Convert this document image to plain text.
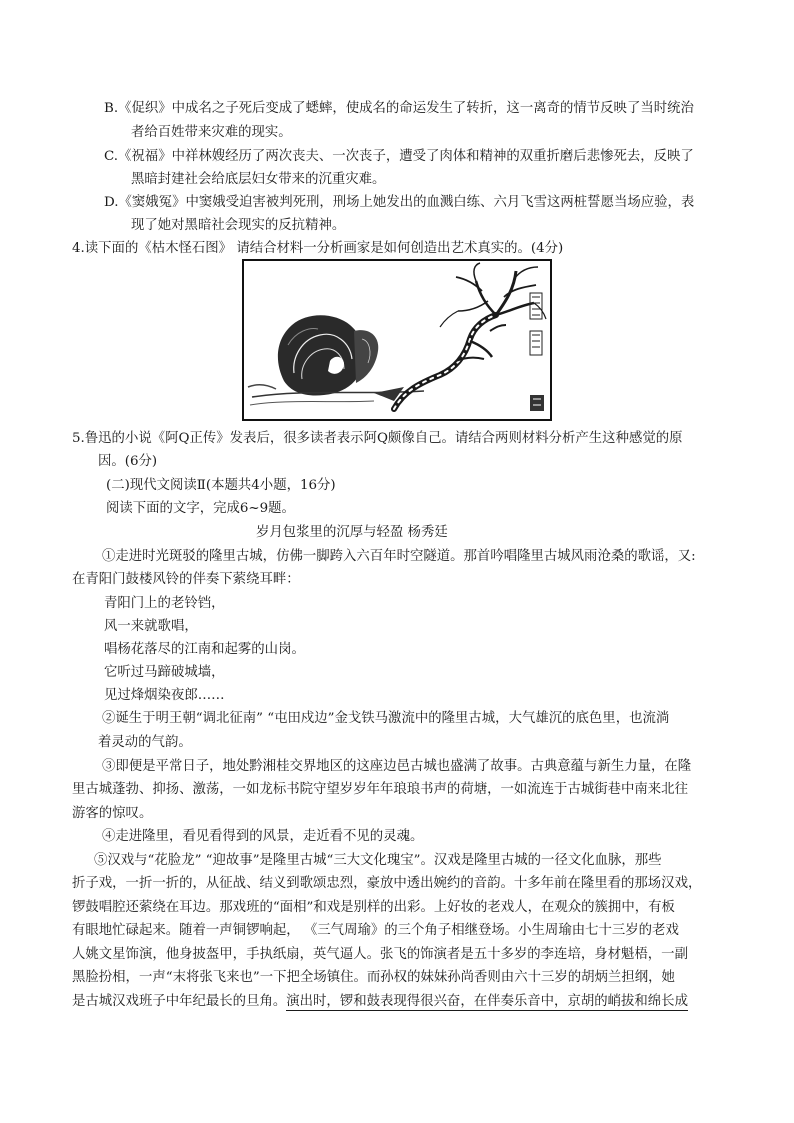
B.《促织》中成名之子死后变成了蟋蟀，使成名的命运发生了转折，这一离奇的情节反映了当时统治
者给百姓带来灾难的现实。
C.《祝福》中祥林嫂经历了两次丧夫、一次丧子，遭受了肉体和精神的双重折磨后悲惨死去，反映了
黑暗封建社会给底层妇女带来的沉重灾难。
D.《窦娥冤》中窦娥受迫害被判死刑，刑场上她发出的血溅白练、六月飞雪这两桩誓愿当场应验，表
现了她对黑暗社会现实的反抗精神。
4.读下面的《枯木怪石图》 请结合材料一分析画家是如何创造出艺术真实的。(4分)
5.鲁迅的小说《阿Q正传》发表后，很多读者表示阿Q颇像自己。请结合两则材料分析产生这种感觉的原
因。(6分)
(二)现代文阅读Ⅱ(本题共4小题，16分)
阅读下面的文字，完成6~9题。
岁月包浆里的沉厚与轻盈 杨秀廷
①走进时光斑驳的隆里古城，仿佛一脚跨入六百年时空隧道。那首吟唱隆里古城风雨沧桑的歌谣，又:
在青阳门鼓楼风铃的伴奏下萦绕耳畔：
青阳门上的老铃铛，
风一来就歌唱，
唱杨花落尽的江南和起雾的山岗。
它听过马蹄破城墙，
见过烽烟染夜郎……
②诞生于明王朝“调北征南” “屯田戍边”金戈铁马激流中的隆里古城，大气雄沉的底色里，也流淌
着灵动的气韵。
③即便是平常日子，地处黔湘桂交界地区的这座边邑古城也盛满了故事。古典意蕴与新生力量，在隆
里古城蓬勃、抑扬、激荡，一如龙标书院守望岁岁年年琅琅书声的荷塘，一如流连于古城街巷中南来北往
游客的惊叹。
④走进隆里，看见看得到的风景，走近看不见的灵魂。
⑤汉戏与“花脸龙” “迎故事”是隆里古城“三大文化瑰宝”。汉戏是隆里古城的一径文化血脉，那些
折子戏，一折一折的，从征战、结义到歌颂忠烈，豪放中透出婉约的音韵。十多年前在隆里看的那场汉戏，
锣鼓唱腔还萦绕在耳边。那戏班的“面相”和戏是别样的出彩。上好妆的老戏人，在观众的簇拥中，有板
有眼地忙碌起来。随着一声铜锣响起， 《三气周瑜》的三个角子相继登场。小生周瑜由七十三岁的老戏
人姚文星饰演，他身披盔甲，手执纸扇，英气逼人。张飞的饰演者是五十多岁的李连培，身材魁梧，一副
黑脸扮相，一声“末将张飞来也”一下把全场镇住。而孙权的妹妹孙尚香则由六十三岁的胡炳兰担纲，她
是古城汉戏班子中年纪最长的旦角。演出时，锣和鼓表现得很兴奋，在伴奏乐音中，京胡的峭拔和绵长成
